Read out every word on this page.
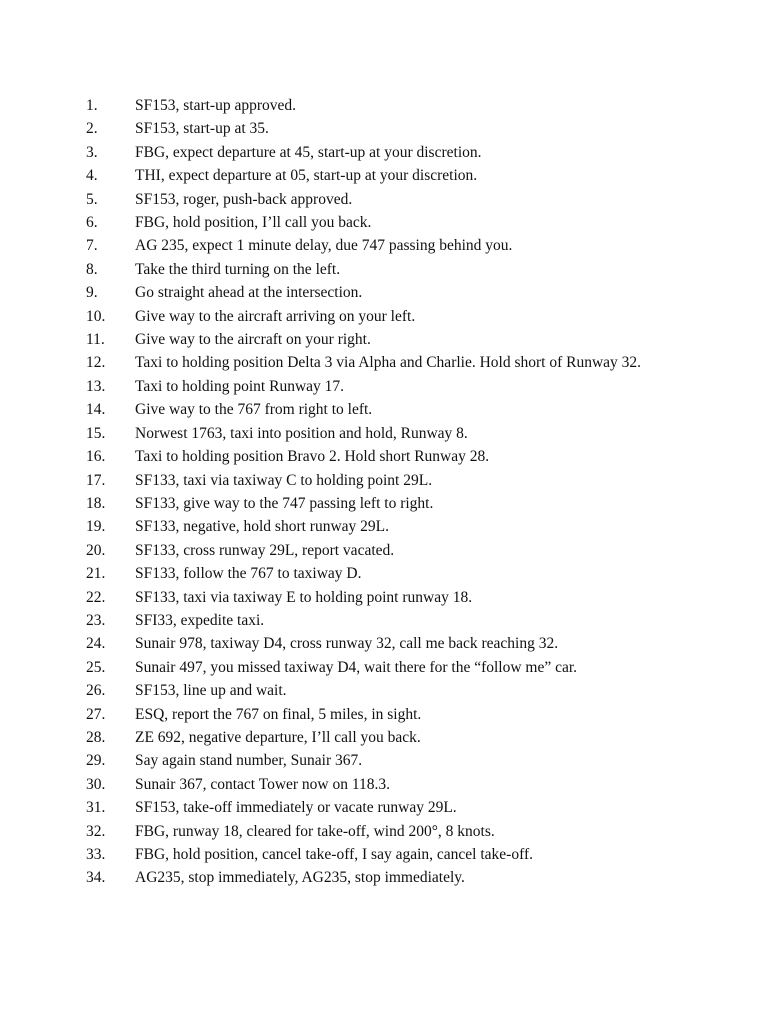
1.	SF153, start-up approved.
2.	SF153, start-up at 35.
3.	FBG, expect departure at 45, start-up at your discretion.
4.	THI, expect departure at 05, start-up at your discretion.
5.	SF153, roger, push-back approved.
6.	FBG, hold position, I’ll call you back.
7.	AG 235, expect 1 minute delay, due 747 passing behind you.
8.	Take the third turning on the left.
9.	Go straight ahead at the intersection.
10.	Give way to the aircraft arriving on your left.
11.	Give way to the aircraft on your right.
12.	Taxi to holding position Delta 3 via Alpha and Charlie. Hold short of Runway 32.
13.	Taxi to holding point Runway 17.
14.	Give way to the 767 from right to left.
15.	Norwest 1763, taxi into position and hold, Runway 8.
16.	Taxi to holding position Bravo 2. Hold short Runway 28.
17.	SF133, taxi via taxiway C to holding point 29L.
18.	SF133, give way to the 747 passing left to right.
19.	SF133, negative, hold short runway 29L.
20.	SF133, cross runway 29L, report vacated.
21.	SF133, follow the 767 to taxiway D.
22.	SF133, taxi via taxiway E to holding point runway 18.
23.	SFI33, expedite taxi.
24.	Sunair 978, taxiway D4, cross runway 32, call me back reaching 32.
25.	Sunair 497, you missed taxiway D4, wait there for the “follow me” car.
26.	SF153, line up and wait.
27.	ESQ, report the 767 on final, 5 miles, in sight.
28.	ZE 692, negative departure, I’ll call you back.
29.	Say again stand number, Sunair 367.
30.	Sunair 367, contact Tower now on 118.3.
31.	SF153, take-off immediately or vacate runway 29L.
32.	FBG, runway 18, cleared for take-off, wind 200°, 8 knots.
33.	FBG, hold position, cancel take-off, I say again, cancel take-off.
34.	AG235, stop immediately, AG235, stop immediately.
